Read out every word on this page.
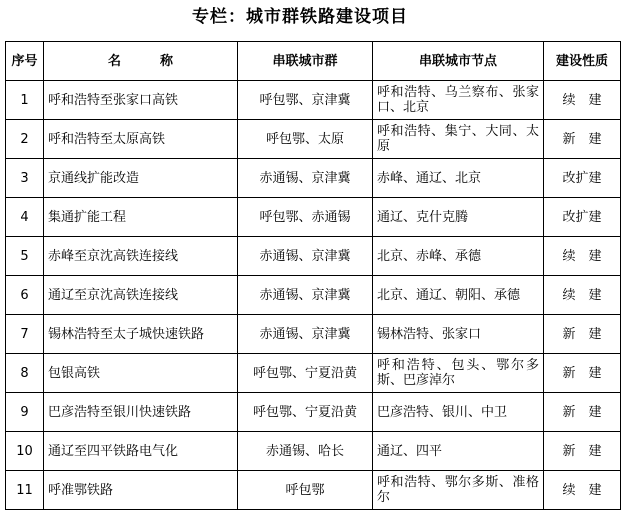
专栏：城市群铁路建设项目
序号	名　　　称	串联城市群	串联城市节点	建设性质
1	呼和浩特至张家口高铁	呼包鄂、京津冀	呼和浩特、乌兰察布、张家口、北京	续　建
2	呼和浩特至太原高铁	呼包鄂、太原	呼和浩特、集宁、大同、太原	新　建
3	京通线扩能改造	赤通锡、京津冀	赤峰、通辽、北京	改扩建
4	集通扩能工程	呼包鄂、赤通锡	通辽、克什克腾	改扩建
5	赤峰至京沈高铁连接线	赤通锡、京津冀	北京、赤峰、承德	续　建
6	通辽至京沈高铁连接线	赤通锡、京津冀	北京、通辽、朝阳、承德	续　建
7	锡林浩特至太子城快速铁路	赤通锡、京津冀	锡林浩特、张家口	新　建
8	包银高铁	呼包鄂、宁夏沿黄	呼和浩特、包头、鄂尔多斯、巴彦淖尔	新　建
9	巴彦浩特至银川快速铁路	呼包鄂、宁夏沿黄	巴彦浩特、银川、中卫	新　建
10	通辽至四平铁路电气化	赤通锡、哈长	通辽、四平	新　建
11	呼准鄂铁路	呼包鄂	呼和浩特、鄂尔多斯、准格尔	续　建
